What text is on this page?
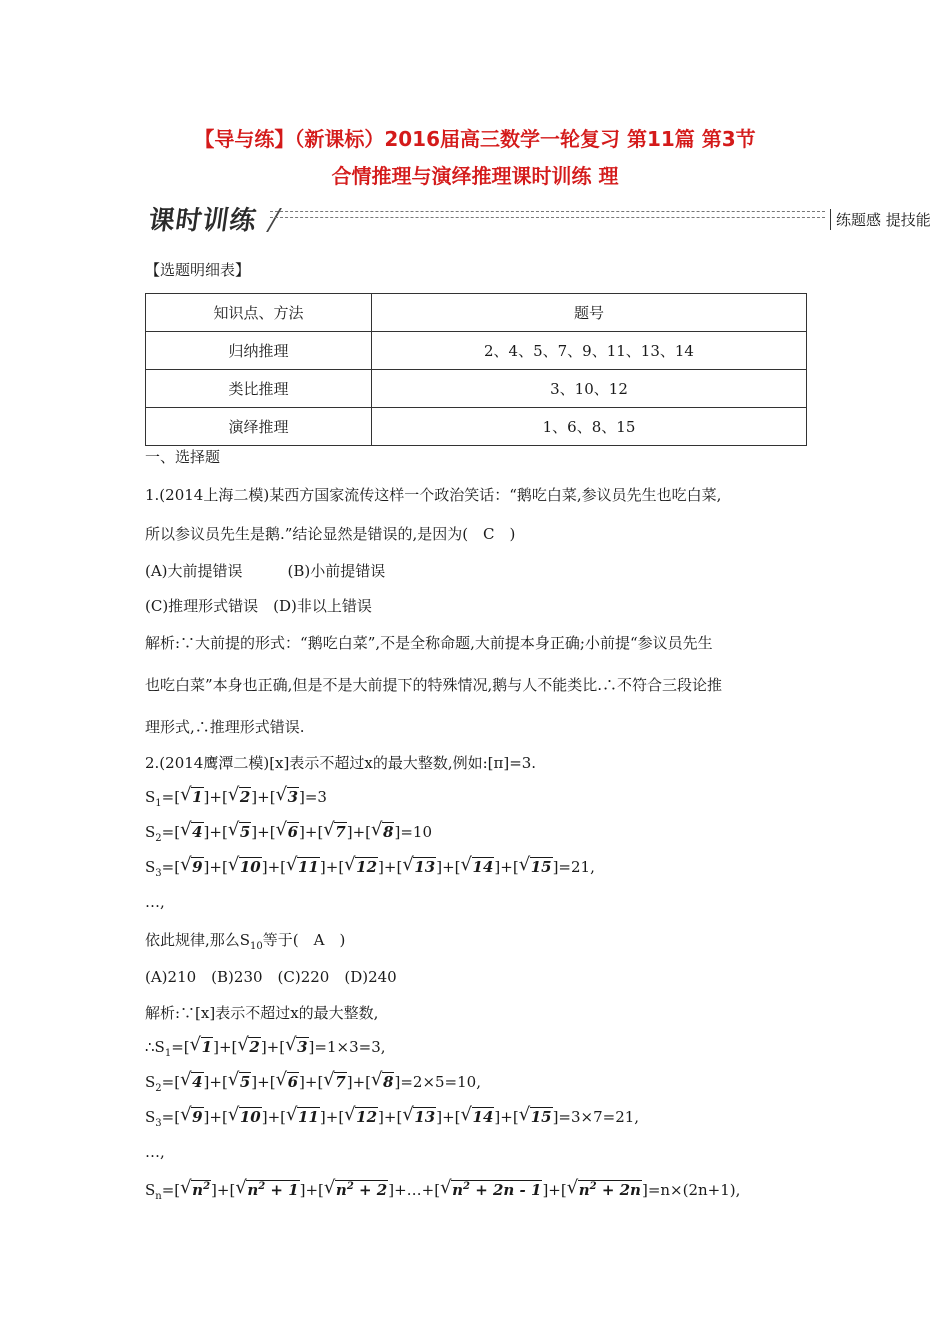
【导与练】（新课标）2016届高三数学一轮复习 第11篇 第3节
合情推理与演绎推理课时训练 理
课时训练	练题感 提技能
【选题明细表】
知识点、方法	题号
归纳推理	2、4、5、7、9、11、13、14
类比推理	3、10、12
演绎推理	1、6、8、15
一、选择题
1.(2014上海二模)某西方国家流传这样一个政治笑话：“鹅吃白菜,参议员先生也吃白菜,
所以参议员先生是鹅.”结论显然是错误的,是因为(　C　)
(A)大前提错误　　　(B)小前提错误
(C)推理形式错误　(D)非以上错误
解析:∵大前提的形式：“鹅吃白菜”,不是全称命题,大前提本身正确;小前提“参议员先生
也吃白菜”本身也正确,但是不是大前提下的特殊情况,鹅与人不能类比.∴不符合三段论推
理形式,∴推理形式错误.
2.(2014鹰潭二模)[x]表示不超过x的最大整数,例如:[π]=3.
$S_1=$[ √ 1]+[ √ 2]+[ √ 3]=3
$S_2=$[ √ 4]+[ √ 5]+[ √ 6]+[ √ 7]+[ √ 8]=10
$S_3=$[ √ 9]+[ √ 10]+[ √ 11]+[ √ 12]+[ √ 13]+[ √ 14]+[ √ 15]=21,
…,
依此规律,那么$S_{10}$等于(　A　)
(A)210　(B)230　(C)220　(D)240
解析:∵[x]表示不超过x的最大整数,
$\therefore S_1=$[ √ 1]+[ √ 2]+[ √ 3]=1×3=3,
$S_2=$[ √ 4]+[ √ 5]+[ √ 6]+[ √ 7]+[ √ 8]=2×5=10,
$S_3=$[ √ 9]+[ √ 10]+[ √ 11]+[ √ 12]+[ √ 13]+[ √ 14]+[ √ 15]=3×7=21,
…,
$S_n=$[ √ $n^2]+$[ √ $n^2 + 1]+$[ √ $n^2$ + 2]+…+[ √ $n^2 + 2n - 1]+$[ √ $n^2 + 2n]=n\times(2n+1)$,
